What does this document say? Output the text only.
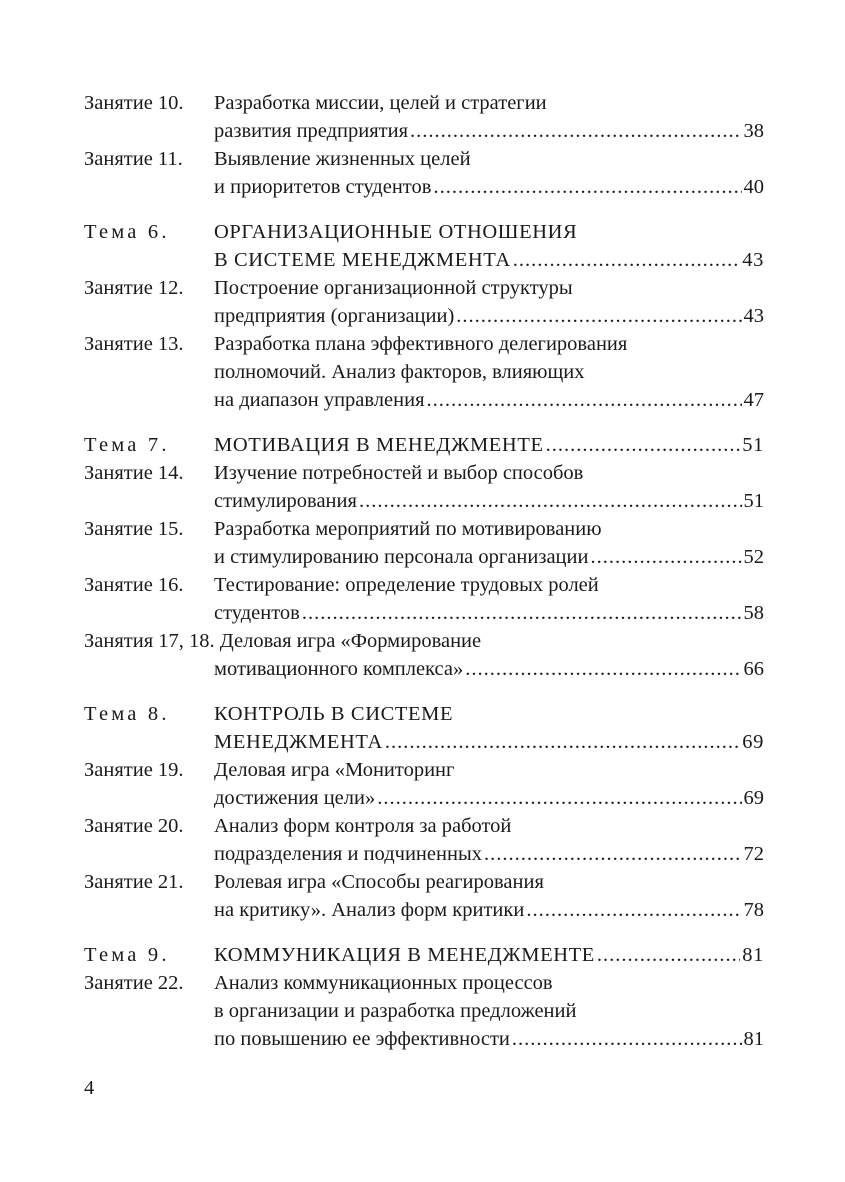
Занятие 10.	Разработка миссии, целей и стратегии
развития предприятия .....	38
Занятие 11.	Выявление жизненных целей
и приоритетов студентов .....	40
Тема 6.	ОРГАНИЗАЦИОННЫЕ ОТНОШЕНИЯ
В СИСТЕМЕ МЕНЕДЖМЕНТА .....	43
Занятие 12.	Построение организационной структуры
предприятия (организации) .....	43
Занятие 13.	Разработка плана эффективного делегирования
полномочий. Анализ факторов, влияющих
на диапазон управления .....	47
Тема 7.	МОТИВАЦИЯ В МЕНЕДЖМЕНТЕ .....	51
Занятие 14.	Изучение потребностей и выбор способов
стимулирования .....	51
Занятие 15.	Разработка мероприятий по мотивированию
и стимулированию персонала организации .....	52
Занятие 16.	Тестирование: определение трудовых ролей
студентов .....	58
Занятия 17, 18. Деловая игра «Формирование
мотивационного комплекса» .....	66
Тема 8.	КОНТРОЛЬ В СИСТЕМЕ
МЕНЕДЖМЕНТА .....	69
Занятие 19.	Деловая игра «Мониторинг
достижения цели» .....	69
Занятие 20.	Анализ форм контроля за работой
подразделения и подчиненных .....	72
Занятие 21.	Ролевая игра «Способы реагирования
на критику». Анализ форм критики .....	78
Тема 9.	КОММУНИКАЦИЯ В МЕНЕДЖМЕНТЕ .....	81
Занятие 22.	Анализ коммуникационных процессов
в организации и разработка предложений
по повышению ее эффективности .....	81
4
